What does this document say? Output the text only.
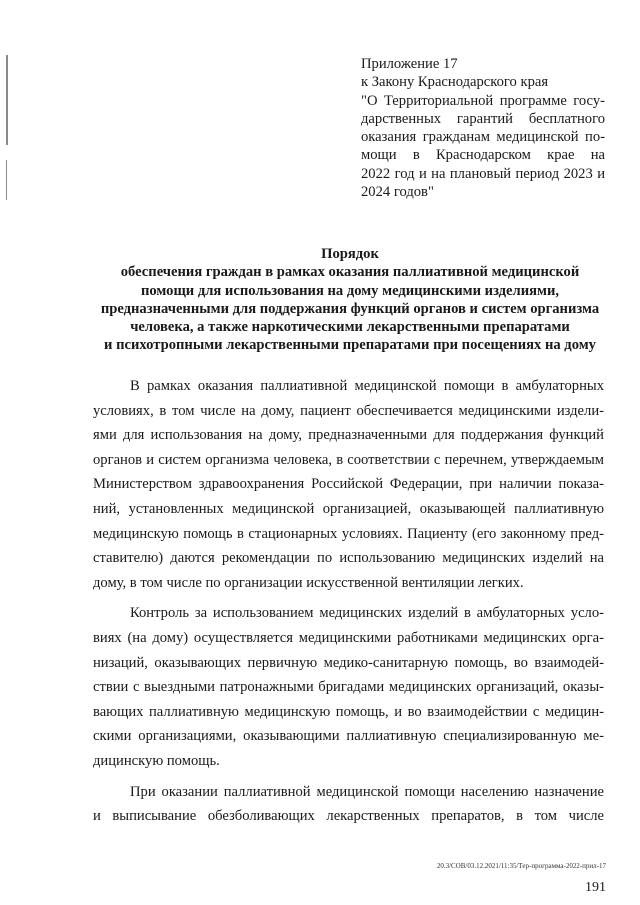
Приложение 17
к Закону Краснодарского края
"О Территориальной программе госу-
дарственных гарантий бесплатного
оказания гражданам медицинской по-
мощи в Краснодарском крае на
2022 год и на плановый период 2023 и
2024 годов"
Порядок
обеспечения граждан в рамках оказания паллиативной медицинской
помощи для использования на дому медицинскими изделиями,
предназначенными для поддержания функций органов и систем организма
человека, а также наркотическими лекарственными препаратами
и психотропными лекарственными препаратами при посещениях на дому
В рамках оказания паллиативной медицинской помощи в амбулаторных
условиях, в том числе на дому, пациент обеспечивается медицинскими издели-
ями для использования на дому, предназначенными для поддержания функций
органов и систем организма человека, в соответствии с перечнем, утверждаемым
Министерством здравоохранения Российской Федерации, при наличии показа-
ний, установленных медицинской организацией, оказывающей паллиативную
медицинскую помощь в стационарных условиях. Пациенту (его законному пред-
ставителю) даются рекомендации по использованию медицинских изделий на
дому, в том числе по организации искусственной вентиляции легких.
Контроль за использованием медицинских изделий в амбулаторных усло-
виях (на дому) осуществляется медицинскими работниками медицинских орга-
низаций, оказывающих первичную медико-санитарную помощь, во взаимодей-
ствии с выездными патронажными бригадами медицинских организаций, оказы-
вающих паллиативную медицинскую помощь, и во взаимодействии с медицин-
скими организациями, оказывающими паллиативную специализированную ме-
дицинскую помощь.
При оказании паллиативной медицинской помощи населению назначение
и выписывание обезболивающих лекарственных препаратов, в том числе
20.3/СОВ/03.12.2021/11:35/Тер-программа-2022-прил-17
191
